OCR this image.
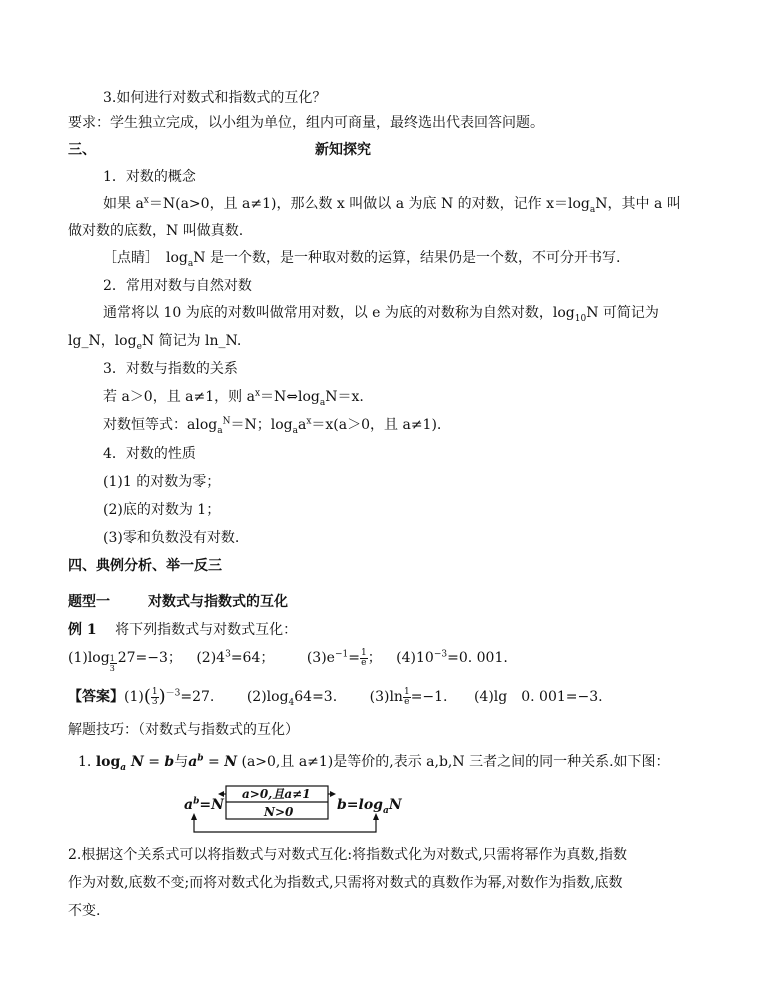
3.如何进行对数式和指数式的互化？
要求：学生独立完成，以小组为单位，组内可商量，最终选出代表回答问题。
三、	新知探究
1．对数的概念
如果 $a^x=N(a>0$，且 a≠1)，那么数 x 叫做以 a 为底 N 的对数，记作 $x=\log_aN$，其中 a 叫
做对数的底数，N 叫做真数.
［点睛］　$\log_aN$ 是一个数，是一种取对数的运算，结果仍是一个数，不可分开书写.
2．常用对数与自然对数
通常将以 10 为底的对数叫做常用对数，以 e 为底的对数称为自然对数，$\log_{10}N$ 可简记为
lg_N，$\log_eN$ 简记为 ln_N.
3．对数与指数的关系
若 a＞0，且 a≠1，则 $a^x=N\Leftrightarrow\log_aN=x$.
对数恒等式：alog$_a^N$＝N；$\log_aa^x=x(a>0$，且 a≠1).
4．对数的性质
(1)1 的对数为零；
(2)底的对数为 1；
(3)零和负数没有对数.
四、典例分析、举一反三
题型一	对数式与指数式的互化
例 1　 将下列指数式与对数式互化：
$(1)\log \frac{1}{3} 27=-3$； $(2)4^3=64$； $(3)e^{-1}= \frac{1}{e}$ ； $(4)10^{-3}=0$. 001.
【答案】$(1)( \frac{1}{3} )^{-3}=27$. $(2)\log_464=3$. $(3)\ln \frac{1}{e} =-1$. (4)lg　0. 001=−3.
解题技巧：（对数式与指数式的互化）
1. $\log_a N = b$与$a^b = N$ (a>0,且 a≠1)是等价的,表示 a,b,N 三者之间的同一种关系.如下图：
$a^b=N$
a>0,且a≠1
$b=\log_aN$
N>0
2.根据这个关系式可以将指数式与对数式互化:将指数式化为对数式,只需将幂作为真数,指数
作为对数,底数不变;而将对数式化为指数式,只需将对数式的真数作为幂,对数作为指数,底数
不变.
